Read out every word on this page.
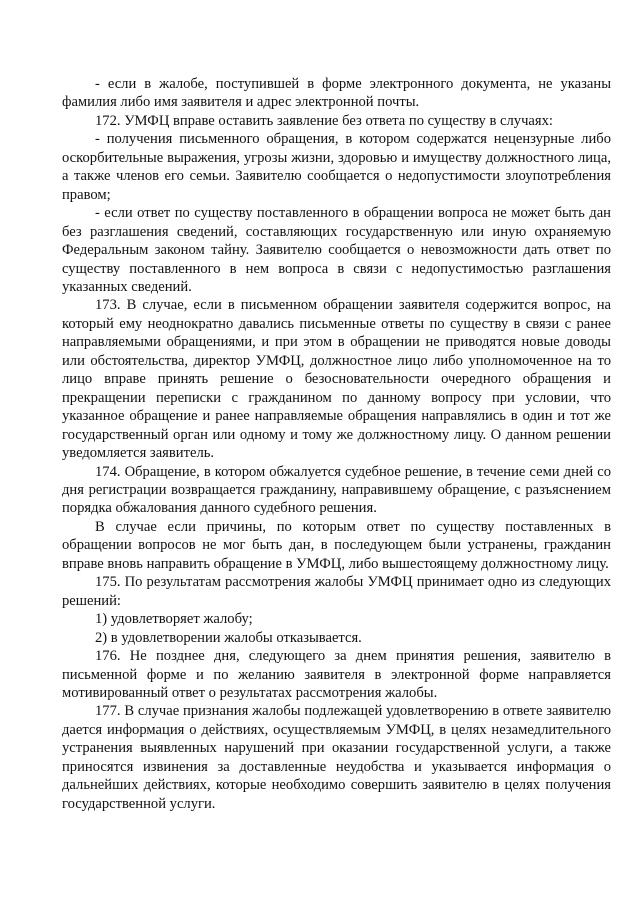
- если в жалобе, поступившей в форме электронного документа, не указаны фамилия либо имя заявителя и адрес электронной почты.

172. УМФЦ вправе оставить заявление без ответа по существу в случаях:

- получения письменного обращения, в котором содержатся нецензурные либо оскорбительные выражения, угрозы жизни, здоровью и имуществу должностного лица, а также членов его семьи. Заявителю сообщается о недопустимости злоупотребления правом;

- если ответ по существу поставленного в обращении вопроса не может быть дан без разглашения сведений, составляющих государственную или иную охраняемую Федеральным законом тайну. Заявителю сообщается о невозможности дать ответ по существу поставленного в нем вопроса в связи с недопустимостью разглашения указанных сведений.

173. В случае, если в письменном обращении заявителя содержится вопрос, на который ему неоднократно давались письменные ответы по существу в связи с ранее направляемыми обращениями, и при этом в обращении не приводятся новые доводы или обстоятельства, директор УМФЦ, должностное лицо либо уполномоченное на то лицо вправе принять решение о безосновательности очередного обращения и прекращении переписки с гражданином по данному вопросу при условии, что указанное обращение и ранее направляемые обращения направлялись в один и тот же государственный орган или одному и тому же должностному лицу. О данном решении уведомляется заявитель.

174. Обращение, в котором обжалуется судебное решение, в течение семи дней со дня регистрации возвращается гражданину, направившему обращение, с разъяснением порядка обжалования данного судебного решения.

В случае если причины, по которым ответ по существу поставленных в обращении вопросов не мог быть дан, в последующем были устранены, гражданин вправе вновь направить обращение в УМФЦ, либо вышестоящему должностному лицу.

175. По результатам рассмотрения жалобы УМФЦ принимает одно из следующих решений:

1) удовлетворяет жалобу;

2) в удовлетворении жалобы отказывается.

176. Не позднее дня, следующего за днем принятия решения, заявителю в письменной форме и по желанию заявителя в электронной форме направляется мотивированный ответ о результатах рассмотрения жалобы.

177. В случае признания жалобы подлежащей удовлетворению в ответе заявителю дается информация о действиях, осуществляемым УМФЦ, в целях незамедлительного устранения выявленных нарушений при оказании государственной услуги, а также приносятся извинения за доставленные неудобства и указывается информация о дальнейших действиях, которые необходимо совершить заявителю в целях получения государственной услуги.
